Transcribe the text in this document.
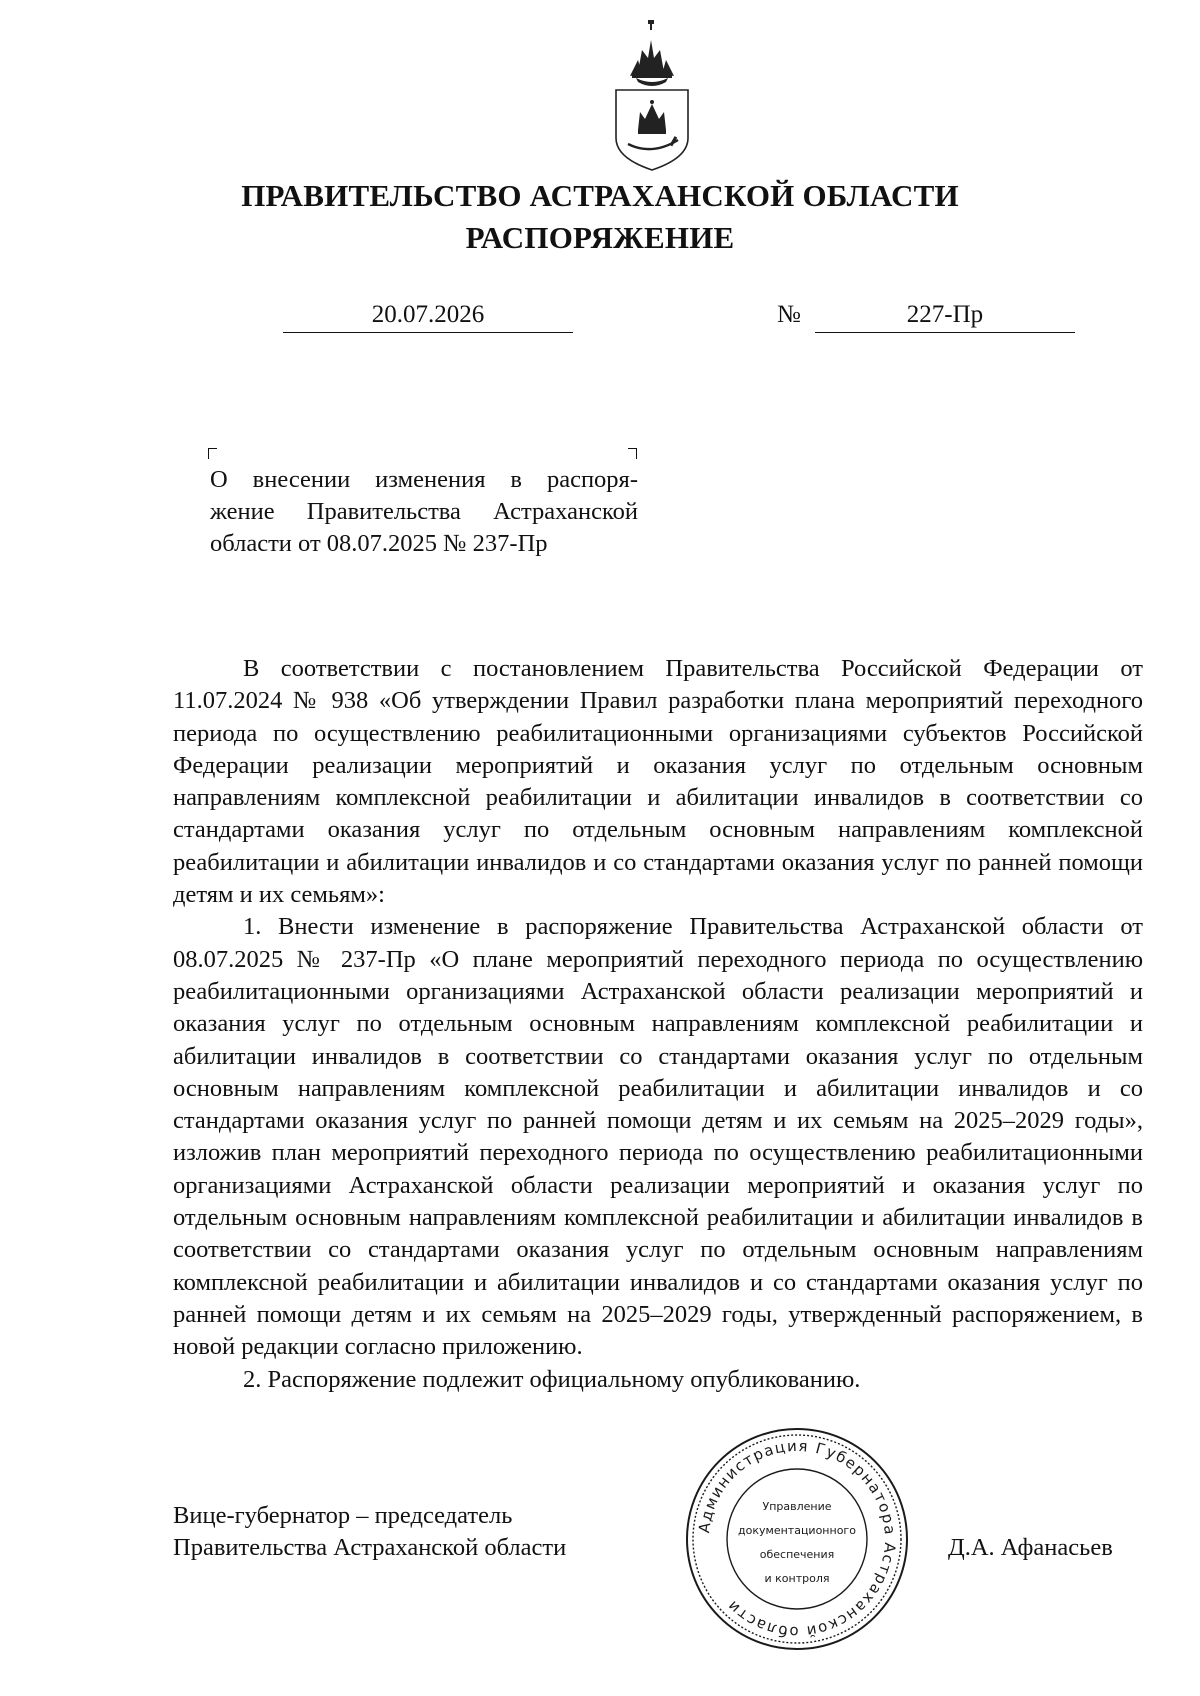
ПРАВИТЕЛЬСТВО АСТРАХАНСКОЙ ОБЛАСТИ
РАСПОРЯЖЕНИЕ
20.07.2026	№	227-Пр
О внесении изменения в распоря-
жение Правительства Астраханской
области от 08.07.2025 № 237-Пр

В соответствии с постановлением Правительства Российской Федерации от 11.07.2024 № 938 «Об утверждении Правил разработки плана мероприятий переходного периода по осуществлению реабилитационными организациями субъектов Российской Федерации реализации мероприятий и оказания услуг по отдельным основным направлениям комплексной реабилитации и абилитации инвалидов в соответствии со стандартами оказания услуг по отдельным основным направлениям комплексной реабилитации и абилитации инвалидов и со стандартами оказания услуг по ранней помощи детям и их семьям»:

1. Внести изменение в распоряжение Правительства Астраханской области от 08.07.2025 № 237-Пр «О плане мероприятий переходного периода по осуществлению реабилитационными организациями Астраханской области реализации мероприятий и оказания услуг по отдельным основным направлениям комплексной реабилитации и абилитации инвалидов в соответствии со стандартами оказания услуг по отдельным основным направлениям комплексной реабилитации и абилитации инвалидов и со стандартами оказания услуг по ранней помощи детям и их семьям на 2025–2029 годы», изложив план мероприятий переходного периода по осуществлению реабилитационными организациями Астраханской области реализации мероприятий и оказания услуг по отдельным основным направлениям комплексной реабилитации и абилитации инвалидов в соответствии со стандартами оказания услуг по отдельным основным направлениям комплексной реабилитации и абилитации инвалидов и со стандартами оказания услуг по ранней помощи детям и их семьям на 2025–2029 годы, утвержденный распоряжением, в новой редакции согласно приложению.

2. Распоряжение подлежит официальному опубликованию.

Вице-губернатор – председатель
Правительства Астраханской области
Администрация Губернатора Астраханской области
Управление
документационного
обеспечения
и контроля
Д.А. Афанасьев
